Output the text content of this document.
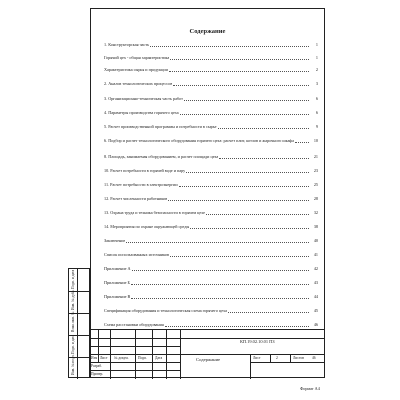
Содержание
1. Конструкторская часть	1
Горячий цех - общая характеристика	1
Характеристика сырья и продукции	2
2. Анализ технологических процессов	3
3. Организационно-техническая часть работ	6
4. Параметры производства горячего цеха	6
5. Расчет производственной программы и потребности в сырье	9
6. Подбор и расчет технологического оборудования горячего цеха: расчет плит, котлов и жарочного шкафа	10
8. Площадь, занимаемая оборудованием, и расчет площади цеха	21
10. Расчет потребности в горячей воде и пару	23
11. Расчет потребности в электроэнергии	25
12. Расчет численности работников	28
13. Охрана труда и техника безопасности в горячем цехе	32
14. Мероприятия по охране окружающей среды	38
Заключение	40
Список использованных источников	41
Приложение А	42
Приложение Б	43
Приложение В	44
Спецификация оборудования и технологическая схема горячего цеха	45
Схема расстановки оборудования	46
Изм Лист № докум.	Подп. Дата
Разраб.
Провер.
КП.19.02.10.01 ПЗ
Содержание	Лист	Листов
2	46
Инв. № подл.
Подп. и дата
Взам. инв. №
Инв. № дубл.
Подп. и дата
Формат А4
